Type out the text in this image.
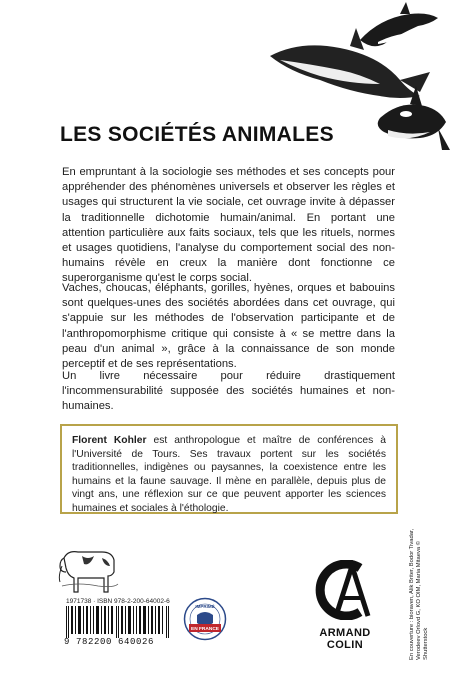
LES SOCIÉTÉS ANIMALES

En empruntant à la sociologie ses méthodes et ses concepts pour appréhender des phénomènes universels et observer les règles et usages qui structurent la vie sociale, cet ouvrage invite à dépasser la traditionnelle dichotomie humain/animal. En portant une attention particulière aux faits sociaux, tels que les rituels, normes et usages quotidiens, l'analyse du comportement social des non-humains révèle en creux la manière dont fonctionne ce superorganisme qu'est le corps social.

Vaches, choucas, éléphants, gorilles, hyènes, orques et babouins sont quelques-unes des sociétés abordées dans cet ouvrage, qui s'appuie sur les méthodes de l'observation participante et de l'anthropomorphisme critique qui consiste à « se mettre dans la peau d'un animal », grâce à la connaissance de son monde perceptif et de ses représentations.

Un livre nécessaire pour réduire drastiquement l'incommensurabilité supposée des sociétés humaines et non-humaines.

Florent Kohler est anthropologue et maître de conférences à l'Université de Tours. Ses travaux portent sur les sociétés traditionnelles, indigènes ou paysannes, la coexistence entre les humains et la faune sauvage. Il mène en parallèle, depuis plus de vingt ans, une réflexion sur ce que peuvent apporter les sciences humaines et sociales à l'éthologie.
1971738 · ISBN 978-2-200-64002-6
9 782200 640026
IMPRIMÉ
EN FRANCE	ARMAND COLIN	En couverture : bioraven, Alik Briter, Bodor Tivadar, Verodeev Orlovd G, KO OIM, Maria Mitaeva © Shutterstock
